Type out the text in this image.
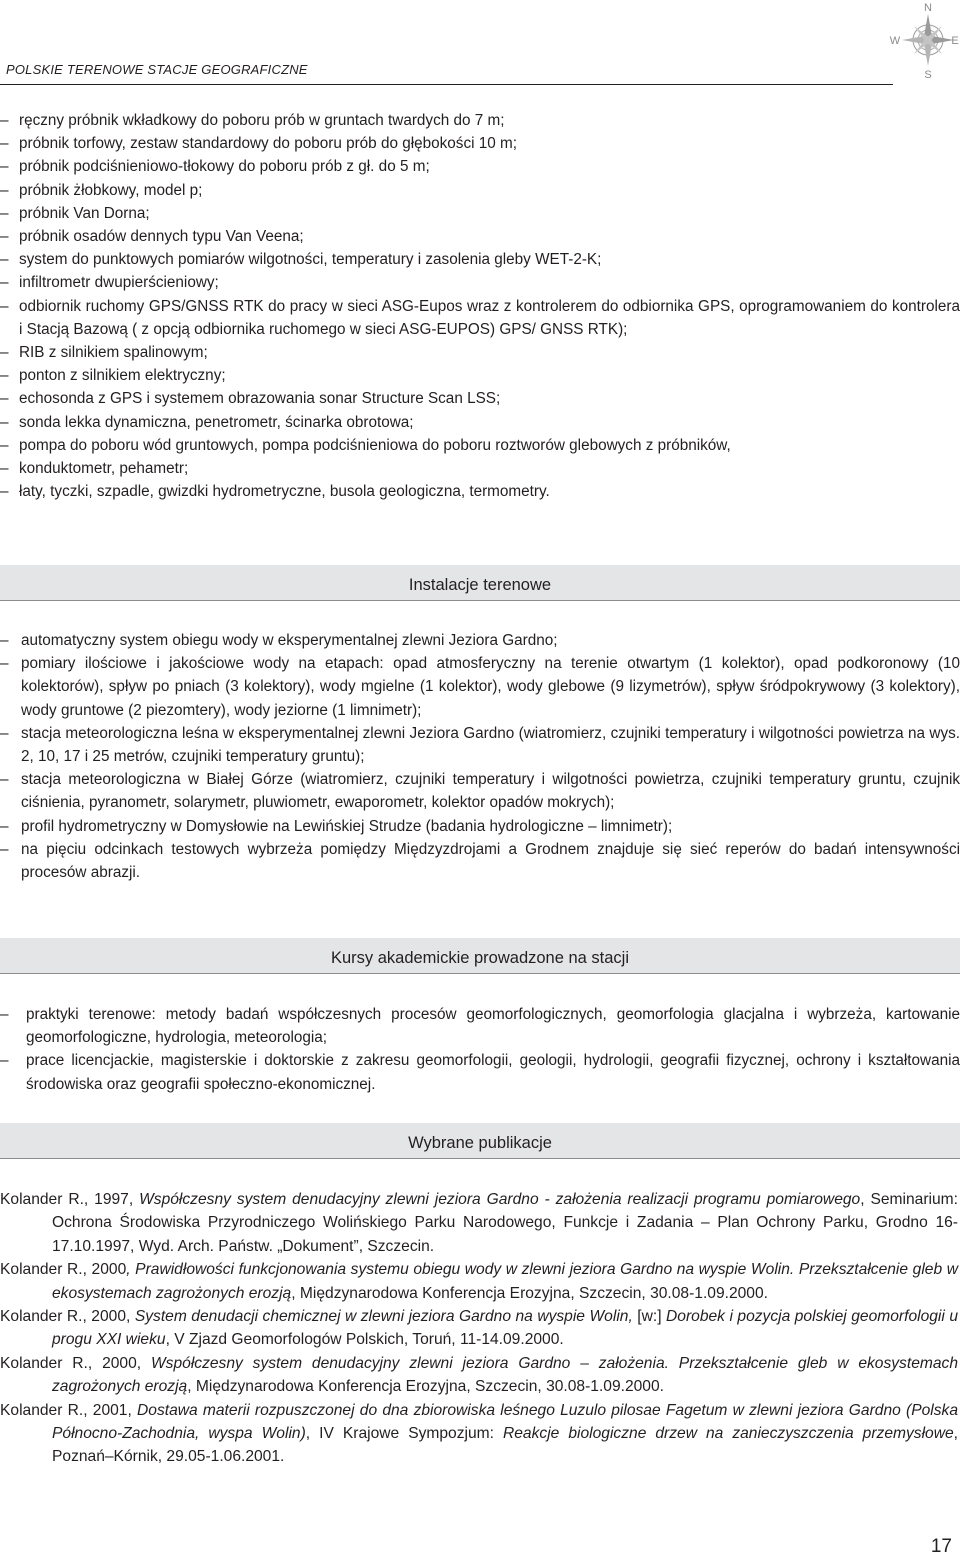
POLSKIE TERENOWE STACJE GEOGRAFICZNE
N
S
W	E
– ręczny próbnik wkładkowy do poboru prób w gruntach twardych do 7 m;
– próbnik torfowy, zestaw standardowy do poboru prób do głębokości 10 m;
– próbnik podciśnieniowo-tłokowy do poboru prób z gł. do 5 m;
– próbnik żłobkowy, model p;
– próbnik Van Dorna;
– próbnik osadów dennych typu Van Veena;
– system do punktowych pomiarów wilgotności, temperatury i zasolenia gleby WET-2-K;
– infiltrometr dwupierścieniowy;
– odbiornik ruchomy GPS/GNSS RTK do pracy w sieci ASG-Eupos wraz z kontrolerem do odbiornika GPS, oprogramowaniem do kontrolera i Stacją Bazową ( z opcją odbiornika ruchomego w sieci ASG-EUPOS) GPS/ GNSS RTK);
– RIB z silnikiem spalinowym;
– ponton z silnikiem elektryczny;
– echosonda z GPS i systemem obrazowania sonar Structure Scan LSS;
– sonda lekka dynamiczna, penetrometr, ścinarka obrotowa;
– pompa do poboru wód gruntowych, pompa podciśnieniowa do poboru roztworów glebowych z próbników,
– konduktometr, pehametr;
– łaty, tyczki, szpadle, gwizdki hydrometryczne, busola geologiczna, termometry.
Instalacje terenowe
– automatyczny system obiegu wody w eksperymentalnej zlewni Jeziora Gardno;
– pomiary ilościowe i jakościowe wody na etapach: opad atmosferyczny na terenie otwartym (1 kolektor), opad podkoronowy (10 kolektorów), spływ po pniach (3 kolektory), wody mgielne (1 kolektor), wody glebowe (9 lizymetrów), spływ śródpokrywowy (3 kolektory), wody gruntowe (2 piezomtery), wody jeziorne (1 limnimetr);
– stacja meteorologiczna leśna w eksperymentalnej zlewni Jeziora Gardno (wiatromierz, czujniki temperatury i wilgotności powietrza na wys. 2, 10, 17 i 25 metrów, czujniki temperatury gruntu);
– stacja meteorologiczna w Białej Górze (wiatromierz, czujniki temperatury i wilgotności powietrza, czujniki temperatury gruntu, czujnik ciśnienia, pyranometr, solarymetr, pluwiometr, ewaporometr, kolektor opadów mokrych);
– profil hydrometryczny w Domysłowie na Lewińskiej Strudze (badania hydrologiczne – limnimetr);
– na pięciu odcinkach testowych wybrzeża pomiędzy Międzyzdrojami a Grodnem znajduje się sieć reperów do badań intensywności procesów abrazji.
Kursy akademickie prowadzone na stacji
– praktyki terenowe: metody badań współczesnych procesów geomorfologicznych, geomorfologia glacjalna i wybrzeża, kartowanie geomorfologiczne, hydrologia, meteorologia;
– prace licencjackie, magisterskie i doktorskie z zakresu geomorfologii, geologii, hydrologii, geografii fizycznej, ochrony i kształtowania środowiska oraz geografii społeczno-ekonomicznej.
Wybrane publikacje
Kolander R., 1997, Współczesny system denudacyjny zlewni jeziora Gardno - założenia realizacji programu pomiarowego, Seminarium: Ochrona Środowiska Przyrodniczego Wolińskiego Parku Narodowego, Funkcje i Zadania – Plan Ochrony Parku, Grodno 16-17.10.1997, Wyd. Arch. Państw. „Dokument”, Szczecin.
Kolander R., 2000, Prawidłowości funkcjonowania systemu obiegu wody w zlewni jeziora Gardno na wyspie Wolin. Przekształcenie gleb w ekosystemach zagrożonych erozją, Międzynarodowa Konferencja Erozyjna, Szczecin, 30.08-1.09.2000.
Kolander R., 2000, System denudacji chemicznej w zlewni jeziora Gardno na wyspie Wolin, [w:] Dorobek i pozycja polskiej geomorfologii u progu XXI wieku, V Zjazd Geomorfologów Polskich, Toruń, 11-14.09.2000.
Kolander R., 2000, Współczesny system denudacyjny zlewni jeziora Gardno – założenia. Przekształcenie gleb w ekosystemach zagrożonych erozją, Międzynarodowa Konferencja Erozyjna, Szczecin, 30.08-1.09.2000.
Kolander R., 2001, Dostawa materii rozpuszczonej do dna zbiorowiska leśnego Luzulo pilosae Fagetum w zlewni jeziora Gardno (Polska Północno-Zachodnia, wyspa Wolin), IV Krajowe Sympozjum: Reakcje biologiczne drzew na zanieczyszczenia przemysłowe, Poznań–Kórnik, 29.05-1.06.2001.
17
